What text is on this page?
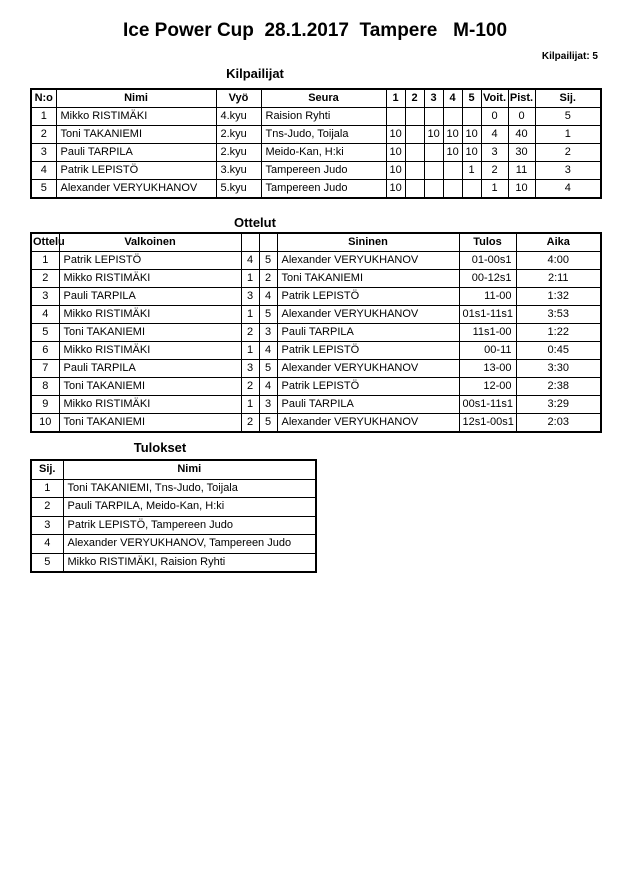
Ice Power Cup  28.1.2017  Tampere   M-100
Kilpailijat: 5
Kilpailijat
N:o	Nimi	Vyö	Seura	1	2	3	4	5	Voit.	Pist.	Sij.
1	Mikko RISTIMÄKI	4.kyu	Raision Ryhti						0	0	5
2	Toni TAKANIEMI	2.kyu	Tns-Judo, Toijala	10		10	10	10	4	40	1
3	Pauli TARPILA	2.kyu	Meido-Kan, H:ki	10			10	10	3	30	2
4	Patrik LEPISTÖ	3.kyu	Tampereen Judo	10				1	2	11	3
5	Alexander VERYUKHANOV	5.kyu	Tampereen Judo	10					1	10	4
Ottelut
Ottelu	Valkoinen			Sininen	Tulos	Aika
1	Patrik LEPISTÖ	4	5	Alexander VERYUKHANOV	01-00s1	4:00
2	Mikko RISTIMÄKI	1	2	Toni TAKANIEMI	00-12s1	2:11
3	Pauli TARPILA	3	4	Patrik LEPISTÖ	11-00	1:32
4	Mikko RISTIMÄKI	1	5	Alexander VERYUKHANOV	01s1-11s1	3:53
5	Toni TAKANIEMI	2	3	Pauli TARPILA	11s1-00	1:22
6	Mikko RISTIMÄKI	1	4	Patrik LEPISTÖ	00-11	0:45
7	Pauli TARPILA	3	5	Alexander VERYUKHANOV	13-00	3:30
8	Toni TAKANIEMI	2	4	Patrik LEPISTÖ	12-00	2:38
9	Mikko RISTIMÄKI	1	3	Pauli TARPILA	00s1-11s1	3:29
10	Toni TAKANIEMI	2	5	Alexander VERYUKHANOV	12s1-00s1	2:03
Tulokset
Sij.	Nimi
1	Toni TAKANIEMI, Tns-Judo, Toijala
2	Pauli TARPILA, Meido-Kan, H:ki
3	Patrik LEPISTÖ, Tampereen Judo
4	Alexander VERYUKHANOV, Tampereen Judo
5	Mikko RISTIMÄKI, Raision Ryhti
